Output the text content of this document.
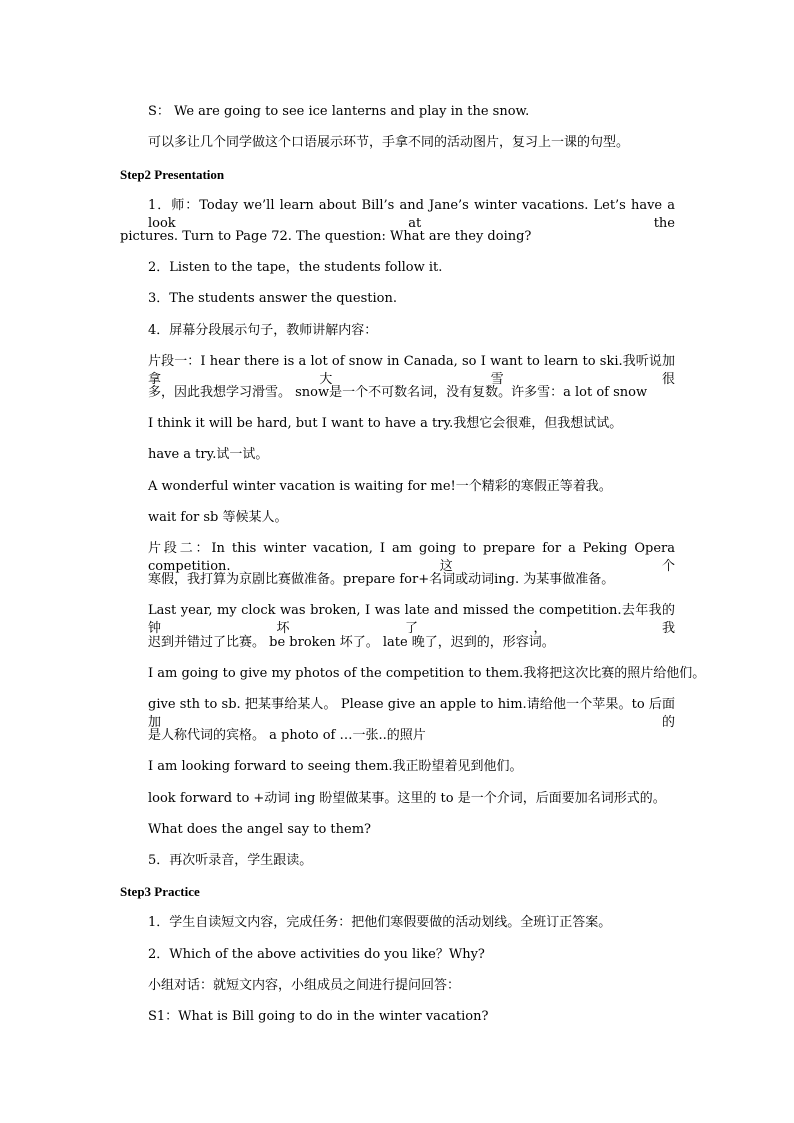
S： We are going to see ice lanterns and play in the snow.
可以多让几个同学做这个口语展示环节，手拿不同的活动图片，复习上一课的句型。
Step2 Presentation
1．师：Today we’ll learn about Bill’s and Jane’s winter vacations. Let’s have a look at the
pictures. Turn to Page 72. The question: What are they doing?
2．Listen to the tape，the students follow it.
3．The students answer the question.
4．屏幕分段展示句子，教师讲解内容：
片段一：I hear there is a lot of snow in Canada, so I want to learn to ski.我听说加拿大雪很
多，因此我想学习滑雪。 snow是一个不可数名词，没有复数。许多雪：a lot of snow
I think it will be hard, but I want to have a try.我想它会很难，但我想试试。
have a try.试一试。
A wonderful winter vacation is waiting for me!一个精彩的寒假正等着我。
wait for sb 等候某人。
片段二：In this winter vacation, I am going to prepare for a Peking Opera competition.这个
寒假，我打算为京剧比赛做准备。prepare for+名词或动词ing. 为某事做准备。
Last year, my clock was broken, I was late and missed the competition.去年我的钟坏了，我
迟到并错过了比赛。 be broken 坏了。 late 晚了，迟到的，形容词。
I am going to give my photos of the competition to them.我将把这次比赛的照片给他们。
give sth to sb. 把某事给某人。 Please give an apple to him.请给他一个苹果。to 后面加的
是人称代词的宾格。 a photo of …一张..的照片
I am looking forward to seeing them.我正盼望着见到他们。
look forward to +动词 ing 盼望做某事。这里的 to 是一个介词，后面要加名词形式的。
What does the angel say to them?
5．再次听录音，学生跟读。
Step3 Practice
1．学生自读短文内容，完成任务：把他们寒假要做的活动划线。全班订正答案。
2．Which of the above activities do you like？Why?
小组对话：就短文内容，小组成员之间进行提问回答：
S1：What is Bill going to do in the winter vacation?
